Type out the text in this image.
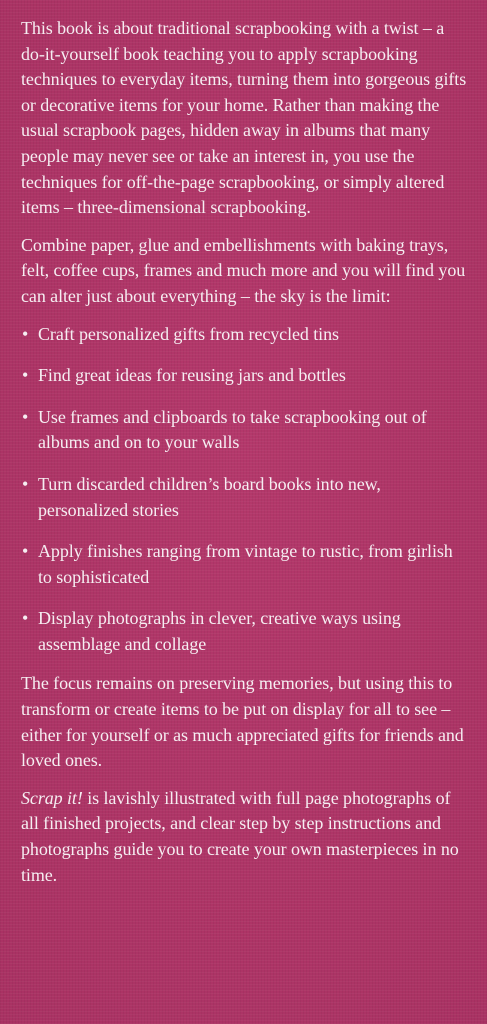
This book is about traditional scrapbooking with a twist – a do-it-yourself book teaching you to apply scrapbooking techniques to everyday items, turning them into gorgeous gifts or decorative items for your home. Rather than making the usual scrapbook pages, hidden away in albums that many people may never see or take an interest in, you use the techniques for off-the-page scrapbooking, or simply altered items – three-dimensional scrapbooking.

Combine paper, glue and embellishments with baking trays, felt, coffee cups, frames and much more and you will find you can alter just about everything – the sky is the limit:

• Craft personalized gifts from recycled tins
• Find great ideas for reusing jars and bottles
• Use frames and clipboards to take scrapbooking out of albums and on to your walls
• Turn discarded children’s board books into new, personalized stories
• Apply finishes ranging from vintage to rustic, from girlish to sophisticated
• Display photographs in clever, creative ways using assemblage and collage

The focus remains on preserving memories, but using this to transform or create items to be put on display for all to see – either for yourself or as much appreciated gifts for friends and loved ones.

Scrap it! is lavishly illustrated with full page photographs of all finished projects, and clear step by step instructions and photographs guide you to create your own masterpieces in no time.
